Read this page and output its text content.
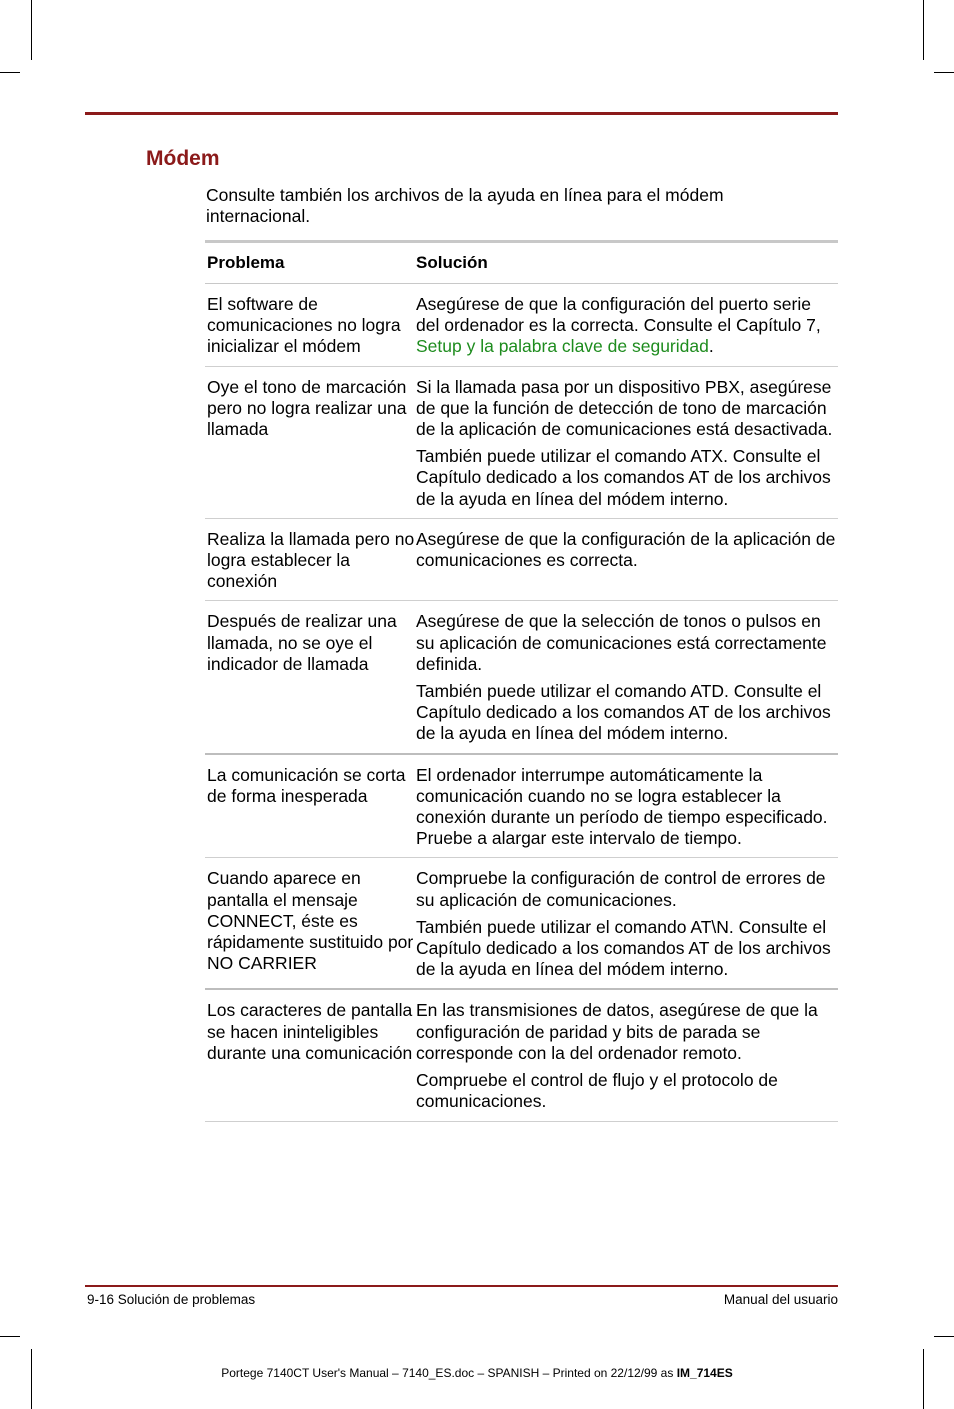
Módem

Consulte también los archivos de la ayuda en línea para el módem internacional.

Problema	Solución
El software de comunicaciones no logra inicializar el módem

Asegúrese de que la configuración del puerto serie del ordenador es la correcta. Consulte el Capítulo 7, Setup y la palabra clave de seguridad.

Oye el tono de marcación pero no logra realizar una llamada

Si la llamada pasa por un dispositivo PBX, asegúrese de que la función de detección de tono de marcación de la aplicación de comunicaciones está desactivada.

También puede utilizar el comando ATX. Consulte el Capítulo dedicado a los comandos AT de los archivos de la ayuda en línea del módem interno.

Realiza la llamada pero no logra establecer la conexión

Asegúrese de que la configuración de la aplicación de comunicaciones es correcta.

Después de realizar una llamada, no se oye el indicador de llamada

Asegúrese de que la selección de tonos o pulsos en su aplicación de comunicaciones está correctamente definida.

También puede utilizar el comando ATD. Consulte el Capítulo dedicado a los comandos AT de los archivos de la ayuda en línea del módem interno.

La comunicación se corta de forma inesperada

El ordenador interrumpe automáticamente la comunicación cuando no se logra establecer la conexión durante un período de tiempo especificado. Pruebe a alargar este intervalo de tiempo.

Cuando aparece en pantalla el mensaje CONNECT, éste es rápidamente sustituido por NO CARRIER

Compruebe la configuración de control de errores de su aplicación de comunicaciones.

También puede utilizar el comando AT\N. Consulte el Capítulo dedicado a los comandos AT de los archivos de la ayuda en línea del módem interno.

Los caracteres de pantalla se hacen ininteligibles durante una comunicación

En las transmisiones de datos, asegúrese de que la configuración de paridad y bits de parada se corresponde con la del ordenador remoto.

Compruebe el control de flujo y el protocolo de comunicaciones.

9-16 Solución de problemas	Manual del usuario
Portege 7140CT User's Manual – 7140_ES.doc – SPANISH – Printed on 22/12/99 as IM_714ES
